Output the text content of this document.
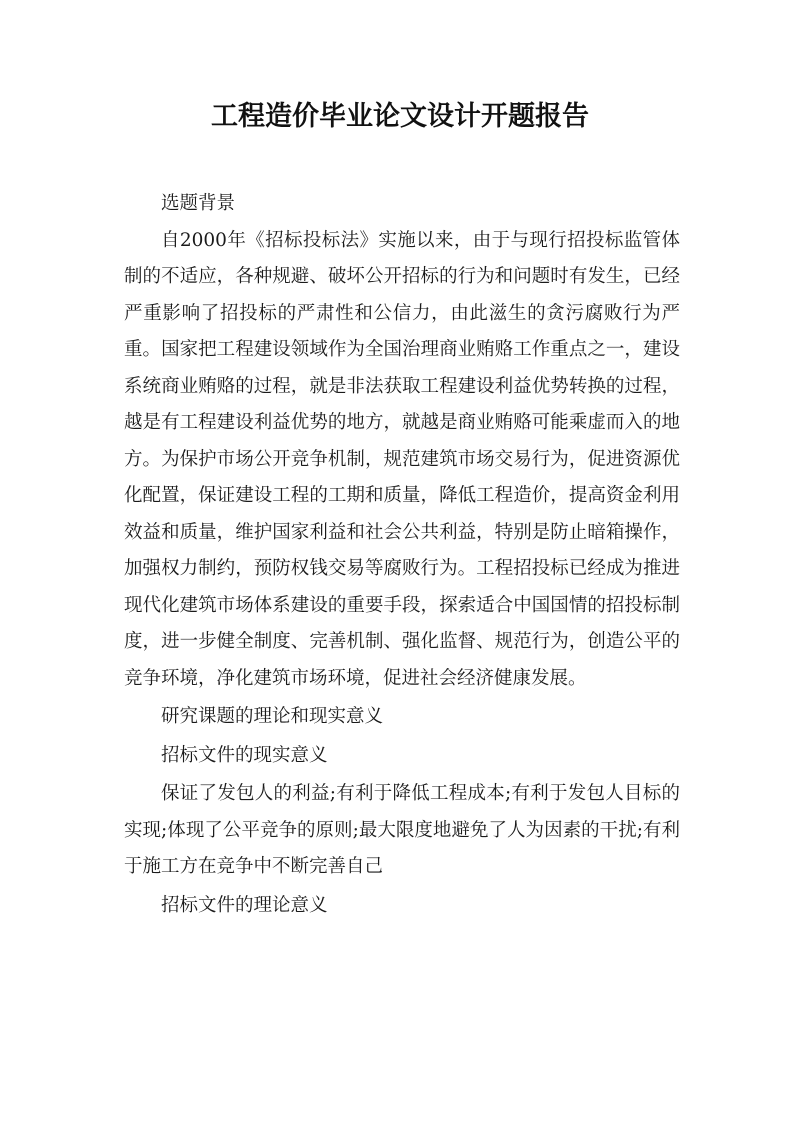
工程造价毕业论文设计开题报告

选题背景

自2000年《招标投标法》实施以来，由于与现行招投标监管体制的不适应，各种规避、破坏公开招标的行为和问题时有发生，已经严重影响了招投标的严肃性和公信力，由此滋生的贪污腐败行为严重。国家把工程建设领域作为全国治理商业贿赂工作重点之一，建设系统商业贿赂的过程，就是非法获取工程建设利益优势转换的过程，越是有工程建设利益优势的地方，就越是商业贿赂可能乘虚而入的地方。为保护市场公开竞争机制，规范建筑市场交易行为，促进资源优化配置，保证建设工程的工期和质量，降低工程造价，提高资金利用效益和质量，维护国家利益和社会公共利益，特别是防止暗箱操作，加强权力制约，预防权钱交易等腐败行为。工程招投标已经成为推进现代化建筑市场体系建设的重要手段，探索适合中国国情的招投标制度，进一步健全制度、完善机制、强化监督、规范行为，创造公平的竞争环境，净化建筑市场环境，促进社会经济健康发展。

研究课题的理论和现实意义

招标文件的现实意义

保证了发包人的利益;有利于降低工程成本;有利于发包人目标的实现;体现了公平竞争的原则;最大限度地避免了人为因素的干扰;有利于施工方在竞争中不断完善自己

招标文件的理论意义
